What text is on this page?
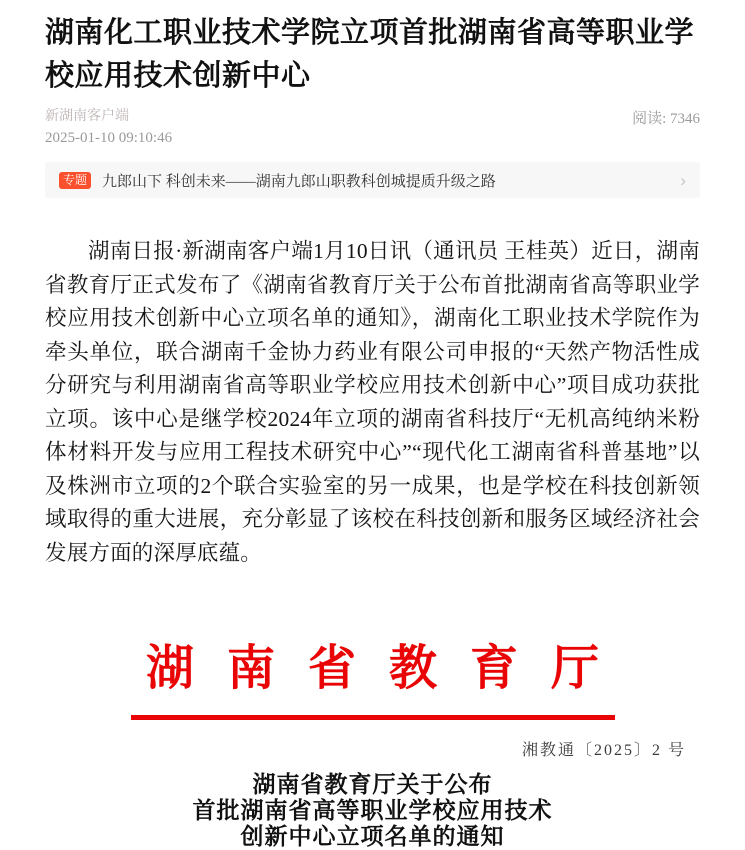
湖南化工职业技术学院立项首批湖南省高等职业学校应用技术创新中心
新湖南客户端
2025-01-10 09:10:46
阅读: 7346
专题 九郎山下 科创未来——湖南九郎山职教科创城提质升级之路	›

湖南日报·新湖南客户端1月10日讯（通讯员 王桂英）近日，湖南省教育厅正式发布了《湖南省教育厅关于公布首批湖南省高等职业学校应用技术创新中心立项名单的通知》，湖南化工职业技术学院作为牵头单位，联合湖南千金协力药业有限公司申报的“天然产物活性成分研究与利用湖南省高等职业学校应用技术创新中心”项目成功获批立项。该中心是继学校2024年立项的湖南省科技厅“无机高纯纳米粉体材料开发与应用工程技术研究中心”“现代化工湖南省科普基地”以及株洲市立项的2个联合实验室的另一成果，也是学校在科技创新领域取得的重大进展，充分彰显了该校在科技创新和服务区域经济社会发展方面的深厚底蕴。

湖南省教育厅
湘教通〔2025〕2 号
湖南省教育厅关于公布
首批湖南省高等职业学校应用技术
创新中心立项名单的通知
